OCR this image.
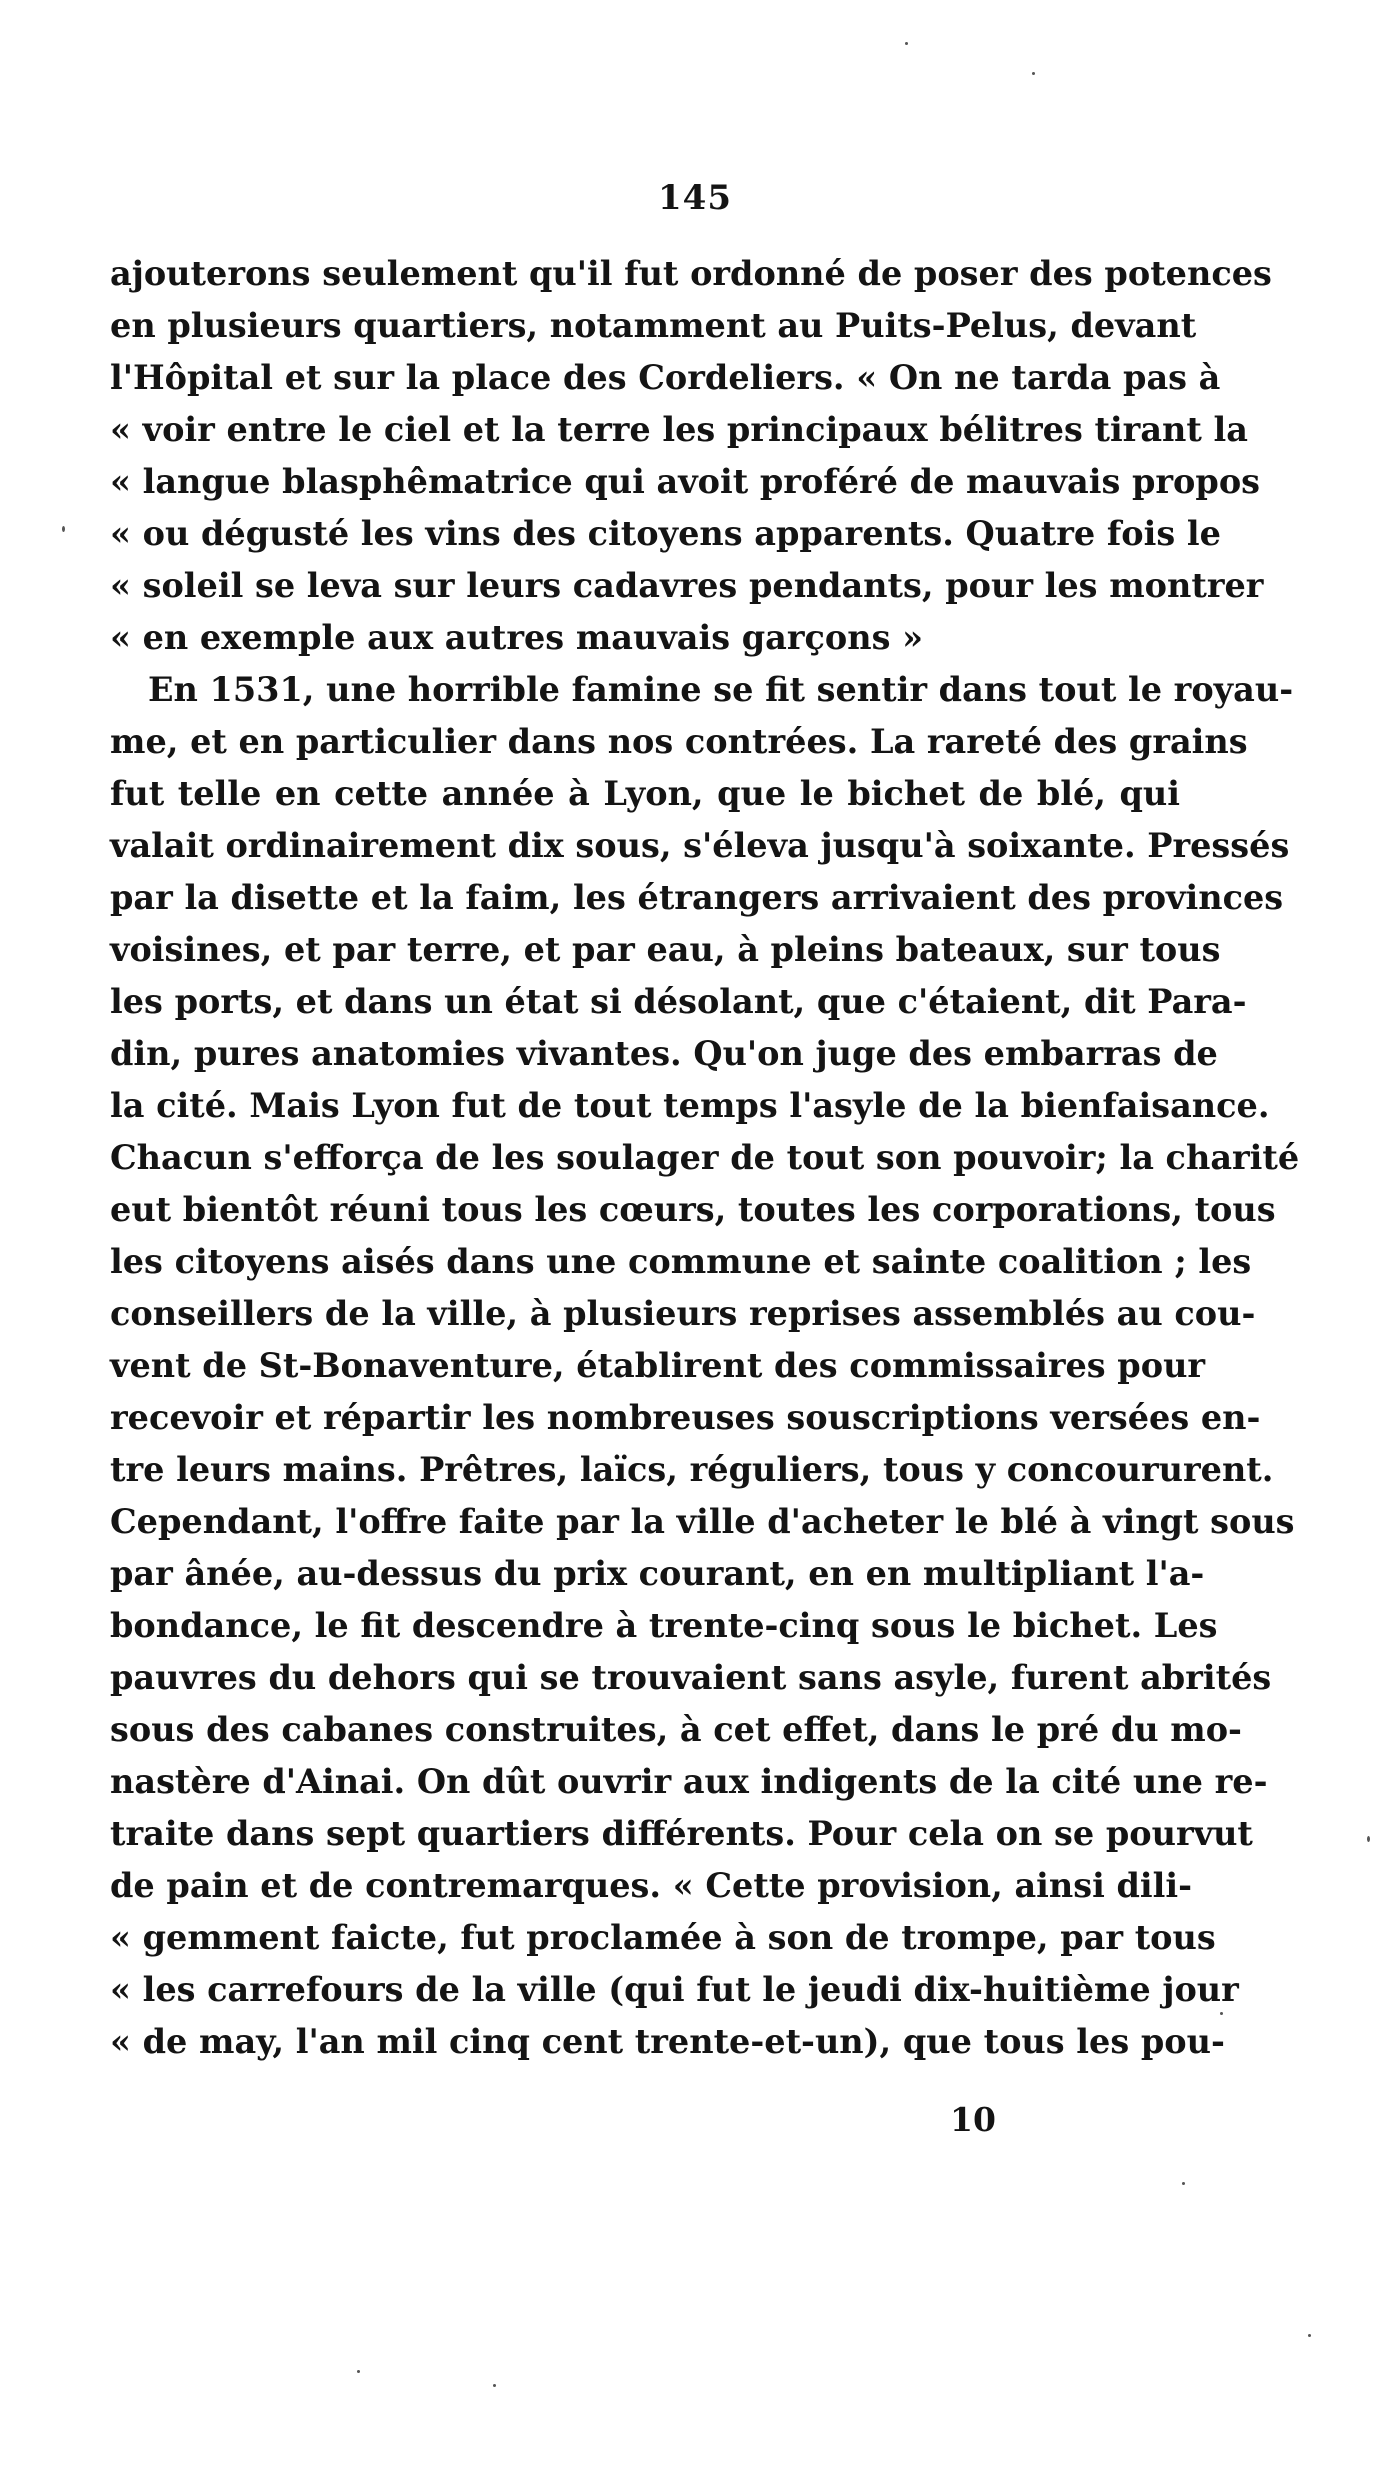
145
ajouterons seulement qu'il fut ordonné de poser des potences
en plusieurs quartiers, notamment au Puits-Pelus, devant
l'Hôpital et sur la place des Cordeliers. « On ne tarda pas à
« voir entre le ciel et la terre les principaux bélitres tirant la
« langue blasphêmatrice qui avoit proféré de mauvais propos
« ou dégusté les vins des citoyens apparents. Quatre fois le
« soleil se leva sur leurs cadavres pendants, pour les montrer
« en exemple aux autres mauvais garçons »
En 1531, une horrible famine se fit sentir dans tout le royau-
me, et en particulier dans nos contrées. La rareté des grains
fut telle en cette année à Lyon, que le bichet de blé, qui
valait ordinairement dix sous, s'éleva jusqu'à soixante. Pressés
par la disette et la faim, les étrangers arrivaient des provinces
voisines, et par terre, et par eau, à pleins bateaux, sur tous
les ports, et dans un état si désolant, que c'étaient, dit Para-
din, pures anatomies vivantes. Qu'on juge des embarras de
la cité. Mais Lyon fut de tout temps l'asyle de la bienfaisance.
Chacun s'efforça de les soulager de tout son pouvoir; la charité
eut bientôt réuni tous les cœurs, toutes les corporations, tous
les citoyens aisés dans une commune et sainte coalition ; les
conseillers de la ville, à plusieurs reprises assemblés au cou-
vent de St-Bonaventure, établirent des commissaires pour
recevoir et répartir les nombreuses souscriptions versées en-
tre leurs mains. Prêtres, laïcs, réguliers, tous y concoururent.
Cependant, l'offre faite par la ville d'acheter le blé à vingt sous
par ânée, au-dessus du prix courant, en en multipliant l'a-
bondance, le fit descendre à trente-cinq sous le bichet. Les
pauvres du dehors qui se trouvaient sans asyle, furent abrités
sous des cabanes construites, à cet effet, dans le pré du mo-
nastère d'Ainai. On dût ouvrir aux indigents de la cité une re-
traite dans sept quartiers différents. Pour cela on se pourvut
de pain et de contremarques. « Cette provision, ainsi dili-
« gemment faicte, fut proclamée à son de trompe, par tous
« les carrefours de la ville (qui fut le jeudi dix-huitième jour
« de may, l'an mil cinq cent trente-et-un), que tous les pou-
10
